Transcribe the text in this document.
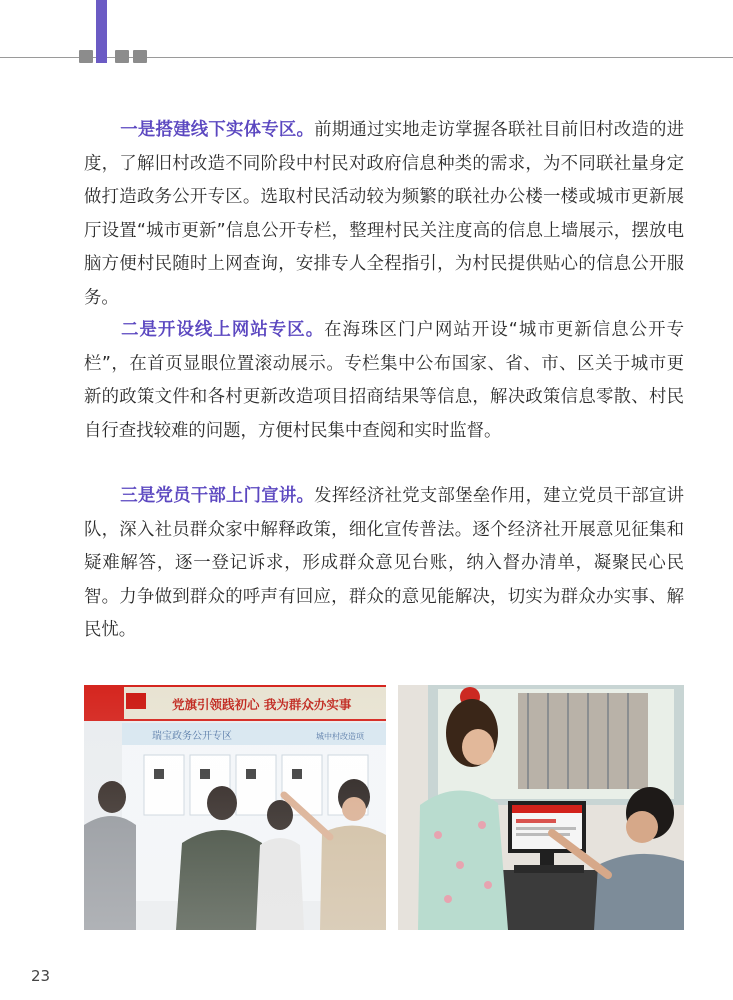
一是搭建线下实体专区。前期通过实地走访掌握各联社目前旧村改造的进度，了解旧村改造不同阶段中村民对政府信息种类的需求，为不同联社量身定做打造政务公开专区。选取村民活动较为频繁的联社办公楼一楼或城市更新展厅设置“城市更新”信息公开专栏，整理村民关注度高的信息上墙展示，摆放电脑方便村民随时上网查询，安排专人全程指引，为村民提供贴心的信息公开服务。

二是开设线上网站专区。在海珠区门户网站开设“城市更新信息公开专栏”，在首页显眼位置滚动展示。专栏集中公布国家、省、市、区关于城市更新的政策文件和各村更新改造项目招商结果等信息，解决政策信息零散、村民自行查找较难的问题，方便村民集中查阅和实时监督。

三是党员干部上门宣讲。发挥经济社党支部堡垒作用，建立党员干部宣讲队，深入社员群众家中解释政策，细化宣传普法。逐个经济社开展意见征集和疑难解答，逐一登记诉求，形成群众意见台账，纳入督办清单，凝聚民心民智。力争做到群众的呼声有回应，群众的意见能解决，切实为群众办实事、解民忧。

23
